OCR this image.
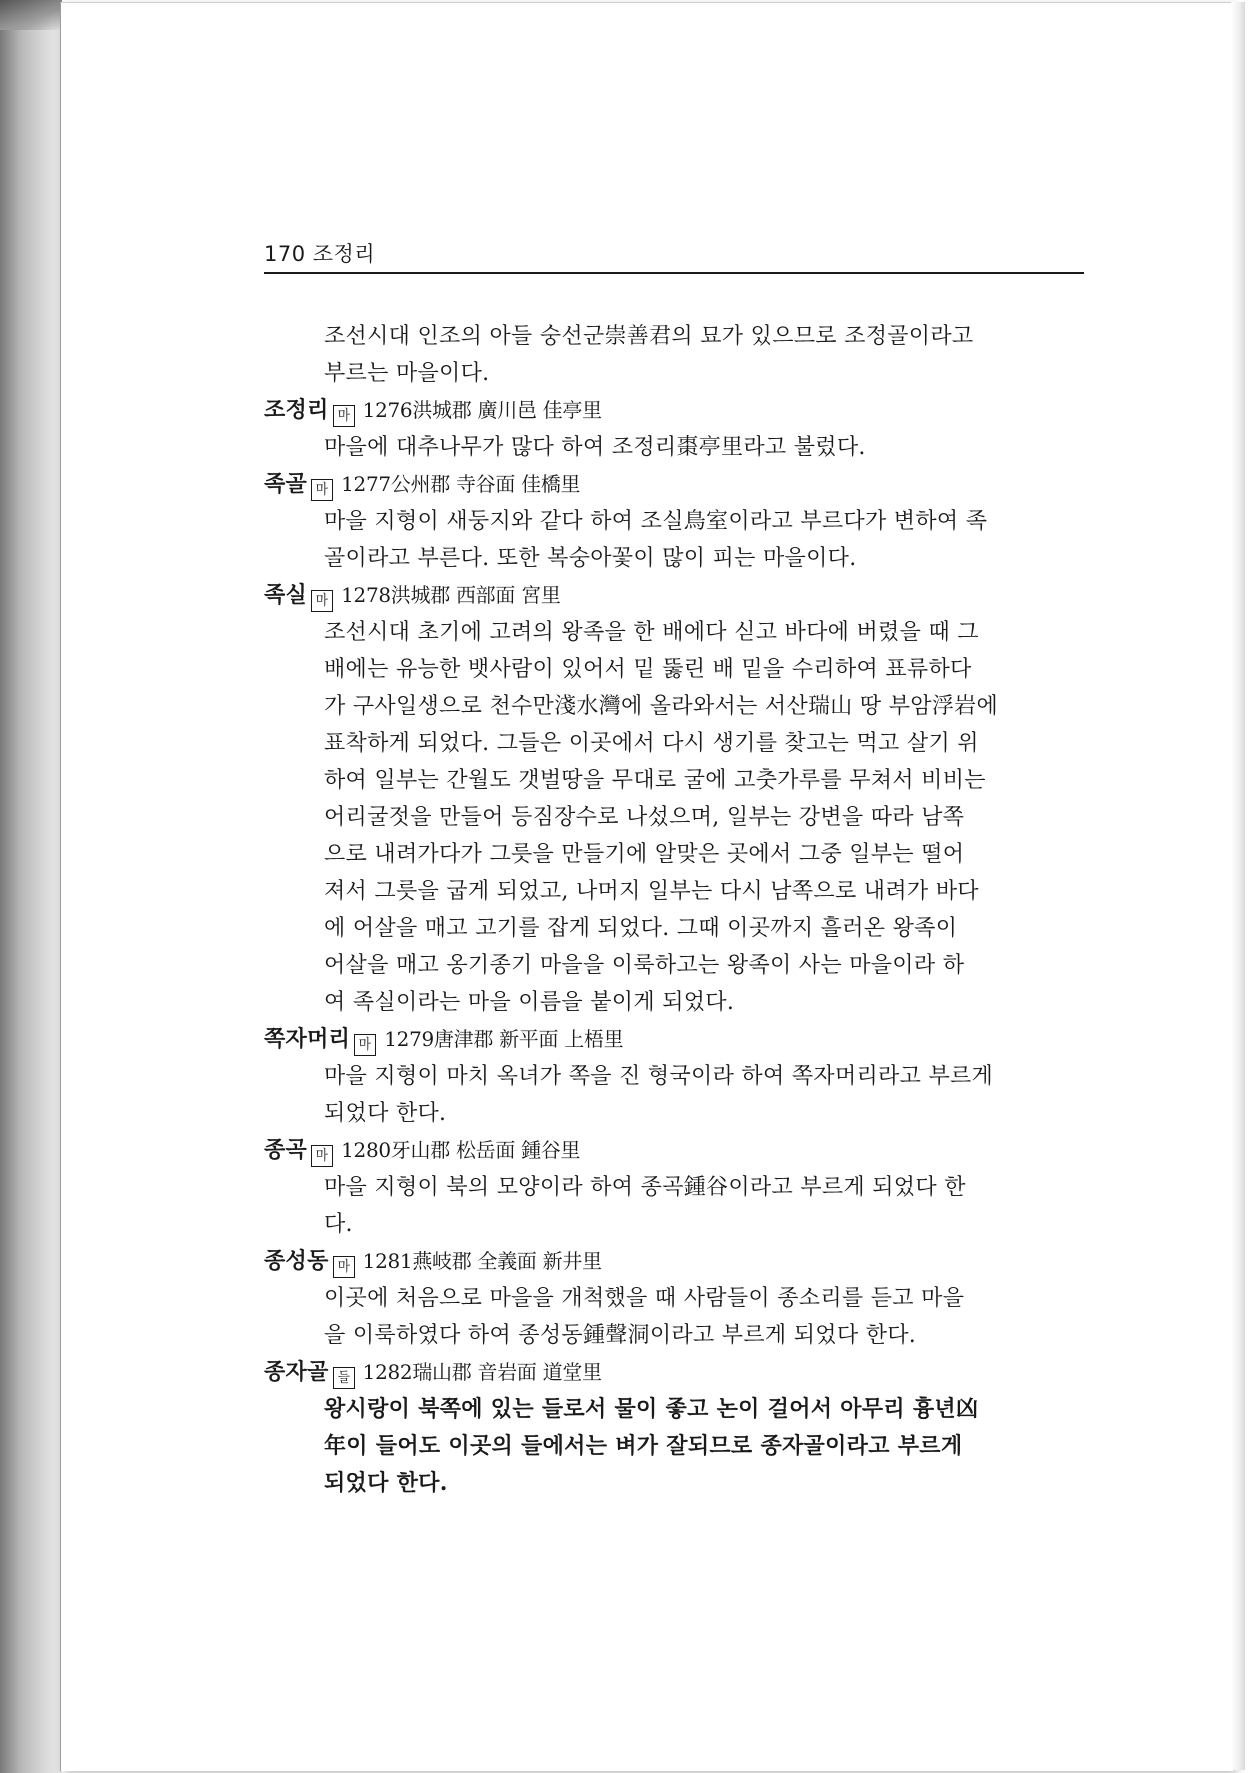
170 조정리
조선시대 인조의 아들 숭선군崇善君의 묘가 있으므로 조정골이라고
부르는 마을이다.
조정리 마 1276洪城郡 廣川邑 佳亭里
마을에 대추나무가 많다 하여 조정리棗亭里라고 불렀다.
족골 마 1277公州郡 寺谷面 佳橋里
마을 지형이 새둥지와 같다 하여 조실鳥室이라고 부르다가 변하여 족
골이라고 부른다. 또한 복숭아꽃이 많이 피는 마을이다.
족실 마 1278洪城郡 西部面 宮里
조선시대 초기에 고려의 왕족을 한 배에다 싣고 바다에 버렸을 때 그
배에는 유능한 뱃사람이 있어서 밑 뚫린 배 밑을 수리하여 표류하다
가 구사일생으로 천수만淺水灣에 올라와서는 서산瑞山 땅 부암浮岩에
표착하게 되었다. 그들은 이곳에서 다시 생기를 찾고는 먹고 살기 위
하여 일부는 간월도 갯벌땅을 무대로 굴에 고춧가루를 무쳐서 비비는
어리굴젓을 만들어 등짐장수로 나섰으며, 일부는 강변을 따라 남쪽
으로 내려가다가 그릇을 만들기에 알맞은 곳에서 그중 일부는 떨어
져서 그릇을 굽게 되었고, 나머지 일부는 다시 남쪽으로 내려가 바다
에 어살을 매고 고기를 잡게 되었다. 그때 이곳까지 흘러온 왕족이
어살을 매고 옹기종기 마을을 이룩하고는 왕족이 사는 마을이라 하
여 족실이라는 마을 이름을 붙이게 되었다.
쪽자머리 마 1279唐津郡 新平面 上梧里
마을 지형이 마치 옥녀가 쪽을 진 형국이라 하여 쪽자머리라고 부르게
되었다 한다.
종곡 마 1280牙山郡 松岳面 鍾谷里
마을 지형이 북의 모양이라 하여 종곡鍾谷이라고 부르게 되었다 한
다.
종성동 마 1281燕岐郡 全義面 新井里
이곳에 처음으로 마을을 개척했을 때 사람들이 종소리를 듣고 마을
을 이룩하였다 하여 종성동鍾聲洞이라고 부르게 되었다 한다.
종자골 들 1282瑞山郡 音岩面 道堂里
왕시랑이 북쪽에 있는 들로서 물이 좋고 논이 걸어서 아무리 흉년凶
年이 들어도 이곳의 들에서는 벼가 잘되므로 종자골이라고 부르게
되었다 한다.
